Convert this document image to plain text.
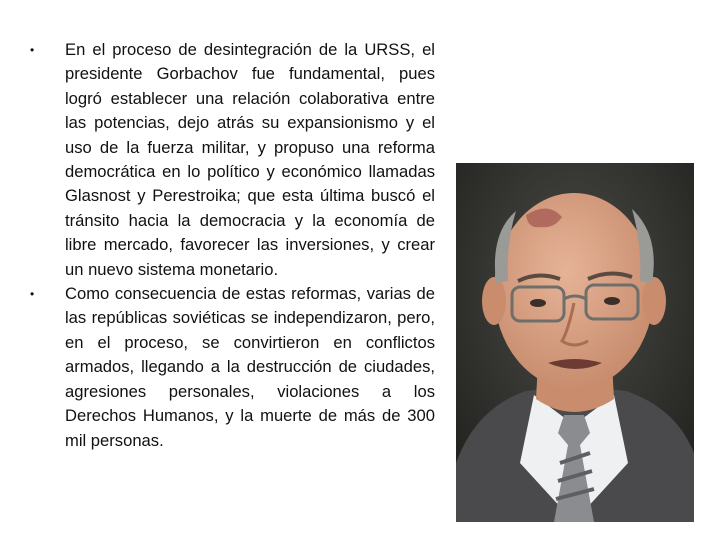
•	En el proceso de desintegración de la URSS, el presidente Gorbachov fue fundamental, pues logró establecer una relación colaborativa entre las potencias, dejo atrás su expansionismo y el uso de la fuerza militar, y propuso una reforma democrática en lo político y económico llamadas Glasnost y Perestroika; que esta última buscó el tránsito hacia la democracia y la economía de libre mercado, favorecer las inversiones, y crear un nuevo sistema monetario.
•	Como consecuencia de estas reformas, varias de las repúblicas soviéticas se independizaron, pero, en el proceso, se convirtieron en conflictos armados, llegando a la destrucción de ciudades, agresiones personales, violaciones a los Derechos Humanos, y la muerte de más de 300 mil personas.
